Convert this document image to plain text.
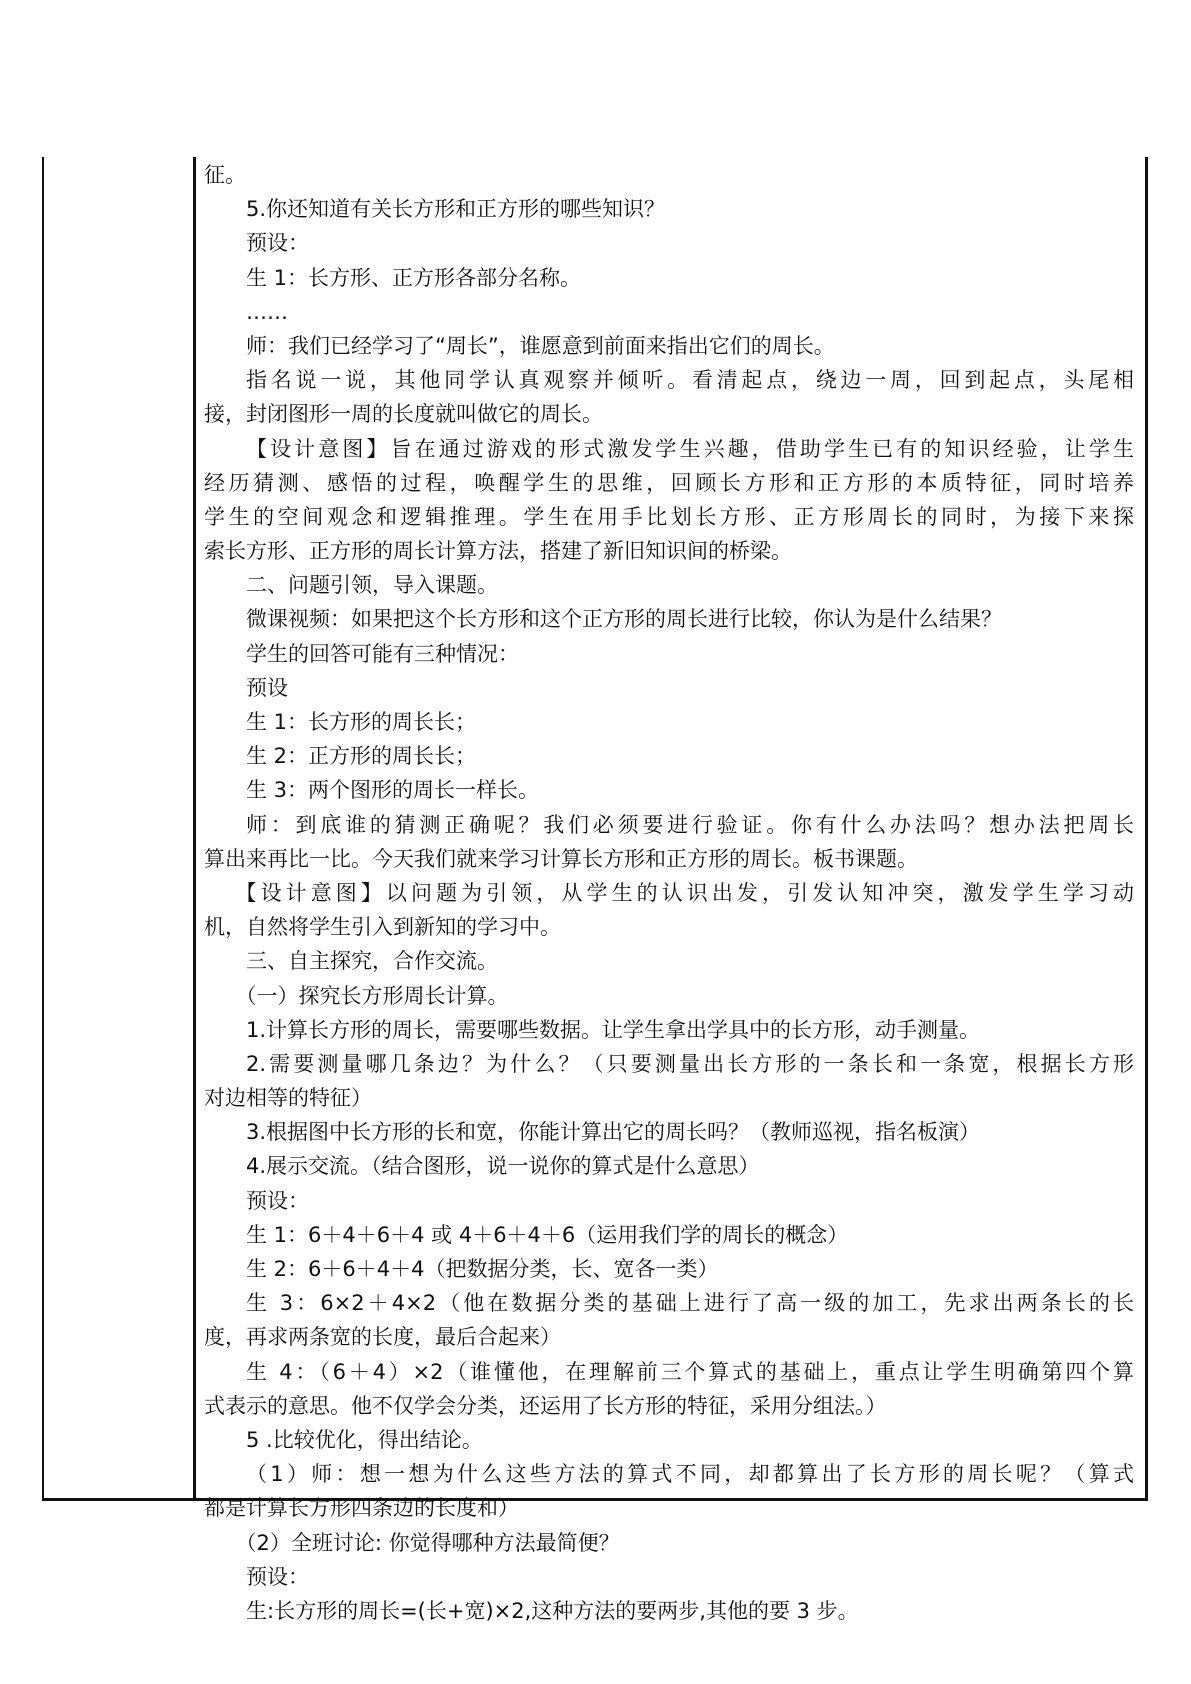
征。
5.你还知道有关长方形和正方形的哪些知识？
预设：
生 1：长方形、正方形各部分名称。
……
师：我们已经学习了“周长”，谁愿意到前面来指出它们的周长。
指名说一说，其他同学认真观察并倾听。看清起点，绕边一周，回到起点，头尾相
接，封闭图形一周的长度就叫做它的周长。
【设计意图】旨在通过游戏的形式激发学生兴趣，借助学生已有的知识经验，让学生
经历猜测、感悟的过程，唤醒学生的思维，回顾长方形和正方形的本质特征，同时培养
学生的空间观念和逻辑推理。学生在用手比划长方形、正方形周长的同时，为接下来探
索长方形、正方形的周长计算方法，搭建了新旧知识间的桥梁。
二、问题引领，导入课题。
微课视频：如果把这个长方形和这个正方形的周长进行比较，你认为是什么结果？
学生的回答可能有三种情况：
预设
生 1：长方形的周长长；
生 2：正方形的周长长；
生 3：两个图形的周长一样长。
师：到底谁的猜测正确呢？我们必须要进行验证。你有什么办法吗？想办法把周长
算出来再比一比。今天我们就来学习计算长方形和正方形的周长。板书课题。
【设计意图】以问题为引领，从学生的认识出发，引发认知冲突，激发学生学习动
机，自然将学生引入到新知的学习中。
三、自主探究，合作交流。
（一）探究长方形周长计算。
1.计算长方形的周长，需要哪些数据。让学生拿出学具中的长方形，动手测量。
2.需要测量哪几条边？为什么？（只要测量出长方形的一条长和一条宽，根据长方形
对边相等的特征）
3.根据图中长方形的长和宽，你能计算出它的周长吗？（教师巡视，指名板演）
4.展示交流。（结合图形，说一说你的算式是什么意思）
预设：
生 1：6＋4＋6＋4 或 4＋6＋4＋6（运用我们学的周长的概念）
生 2：6＋6＋4＋4（把数据分类，长、宽各一类）
生 3：6×2＋4×2（他在数据分类的基础上进行了高一级的加工，先求出两条长的长
度，再求两条宽的长度，最后合起来）
生 4：（6＋4）×2（谁懂他，在理解前三个算式的基础上，重点让学生明确第四个算
式表示的意思。他不仅学会分类，还运用了长方形的特征，采用分组法。）
5 .比较优化，得出结论。
（1）师：想一想为什么这些方法的算式不同，却都算出了长方形的周长呢？（算式
都是计算长方形四条边的长度和）
（2）全班讨论: 你觉得哪种方法最简便？
预设：
生:长方形的周长=(长+宽)×2,这种方法的要两步,其他的要 3 步。
